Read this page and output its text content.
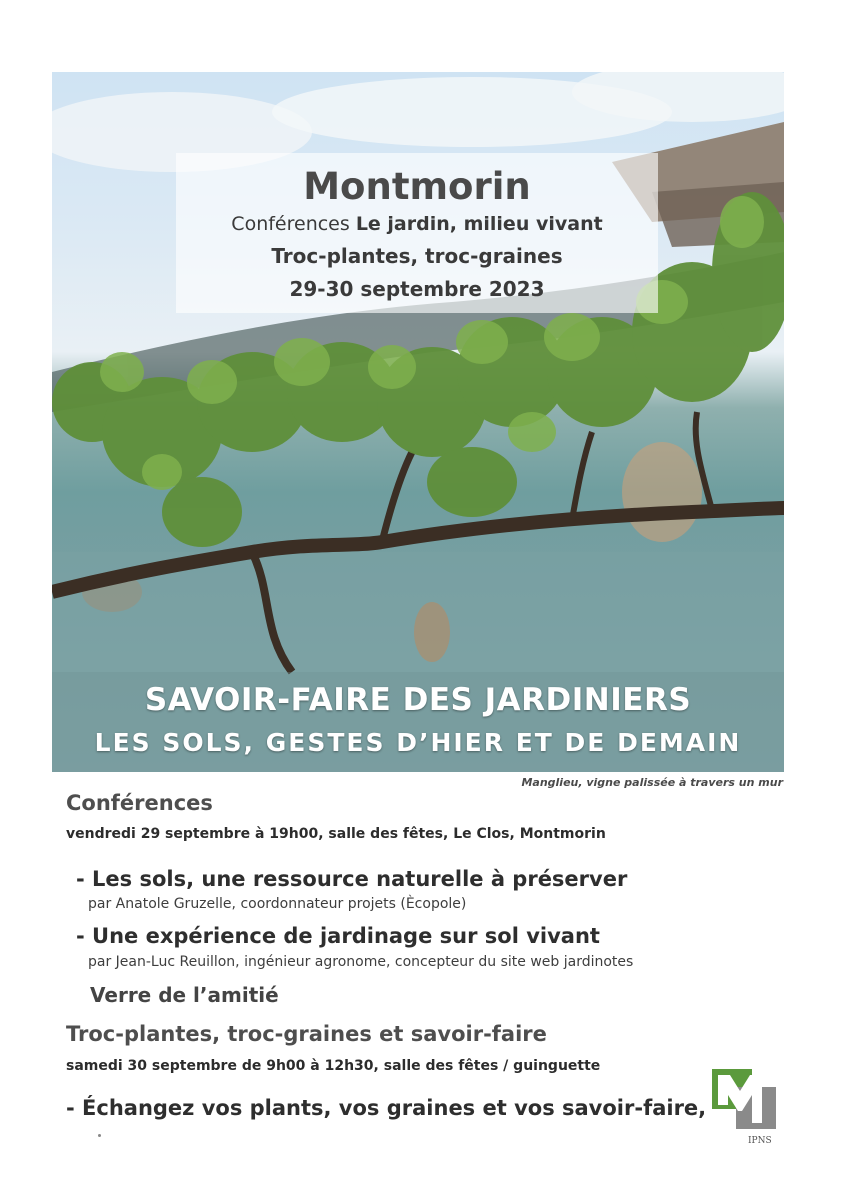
Montmorin
Conférences Le jardin, milieu vivant
Troc-plantes, troc-graines
29-30 septembre 2023
SAVOIR-FAIRE DES JARDINIERS
LES SOLS, GESTES D’HIER ET DE DEMAIN
Manglieu, vigne palissée à travers un mur
Conférences
vendredi 29 septembre à 19h00, salle des fêtes, Le Clos, Montmorin
- Les sols, une ressource naturelle à préserver
par Anatole Gruzelle, coordonnateur projets (Ècopole)
- Une expérience de jardinage sur sol vivant
par Jean-Luc Reuillon, ingénieur agronome, concepteur du site web jardinotes
Verre de l’amitié
Troc-plantes, troc-graines et savoir-faire
samedi 30 septembre de 9h00 à 12h30, salle des fêtes / guinguette
- Échangez vos plants, vos graines et vos savoir-faire,
IPNS
